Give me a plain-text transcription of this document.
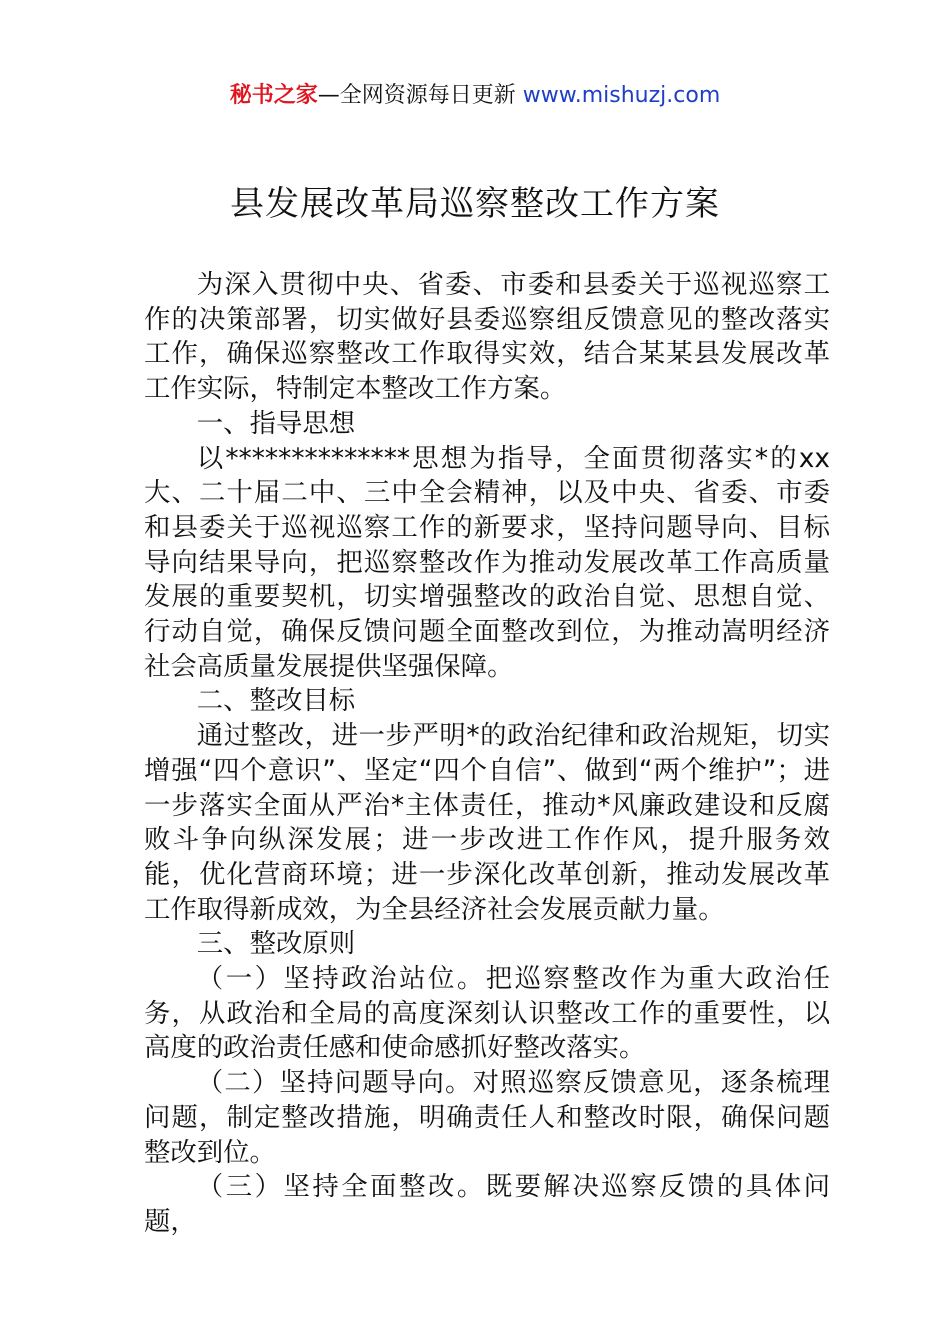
秘书之家—全网资源每日更新 www.mishuzj.com
县发展改革局巡察整改工作方案

为深入贯彻中央、省委、市委和县委关于巡视巡察工作的决策部署，切实做好县委巡察组反馈意见的整改落实工作，确保巡察整改工作取得实效，结合某某县发展改革工作实际，特制定本整改工作方案。

一、指导思想

以**************思想为指导，全面贯彻落实*的xx大、二十届二中、三中全会精神，以及中央、省委、市委和县委关于巡视巡察工作的新要求，坚持问题导向、目标导向结果导向，把巡察整改作为推动发展改革工作高质量发展的重要契机，切实增强整改的政治自觉、思想自觉、行动自觉，确保反馈问题全面整改到位，为推动嵩明经济社会高质量发展提供坚强保障。

二、整改目标

通过整改，进一步严明*的政治纪律和政治规矩，切实增强“四个意识”、坚定“四个自信”、做到“两个维护”；进一步落实全面从严治*主体责任，推动*风廉政建设和反腐败斗争向纵深发展；进一步改进工作作风，提升服务效能，优化营商环境；进一步深化改革创新，推动发展改革工作取得新成效，为全县经济社会发展贡献力量。

三、整改原则

（一）坚持政治站位。把巡察整改作为重大政治任务，从政治和全局的高度深刻认识整改工作的重要性，以高度的政治责任感和使命感抓好整改落实。

（二）坚持问题导向。对照巡察反馈意见，逐条梳理问题，制定整改措施，明确责任人和整改时限，确保问题整改到位。

（三）坚持全面整改。既要解决巡察反馈的具体问题，
